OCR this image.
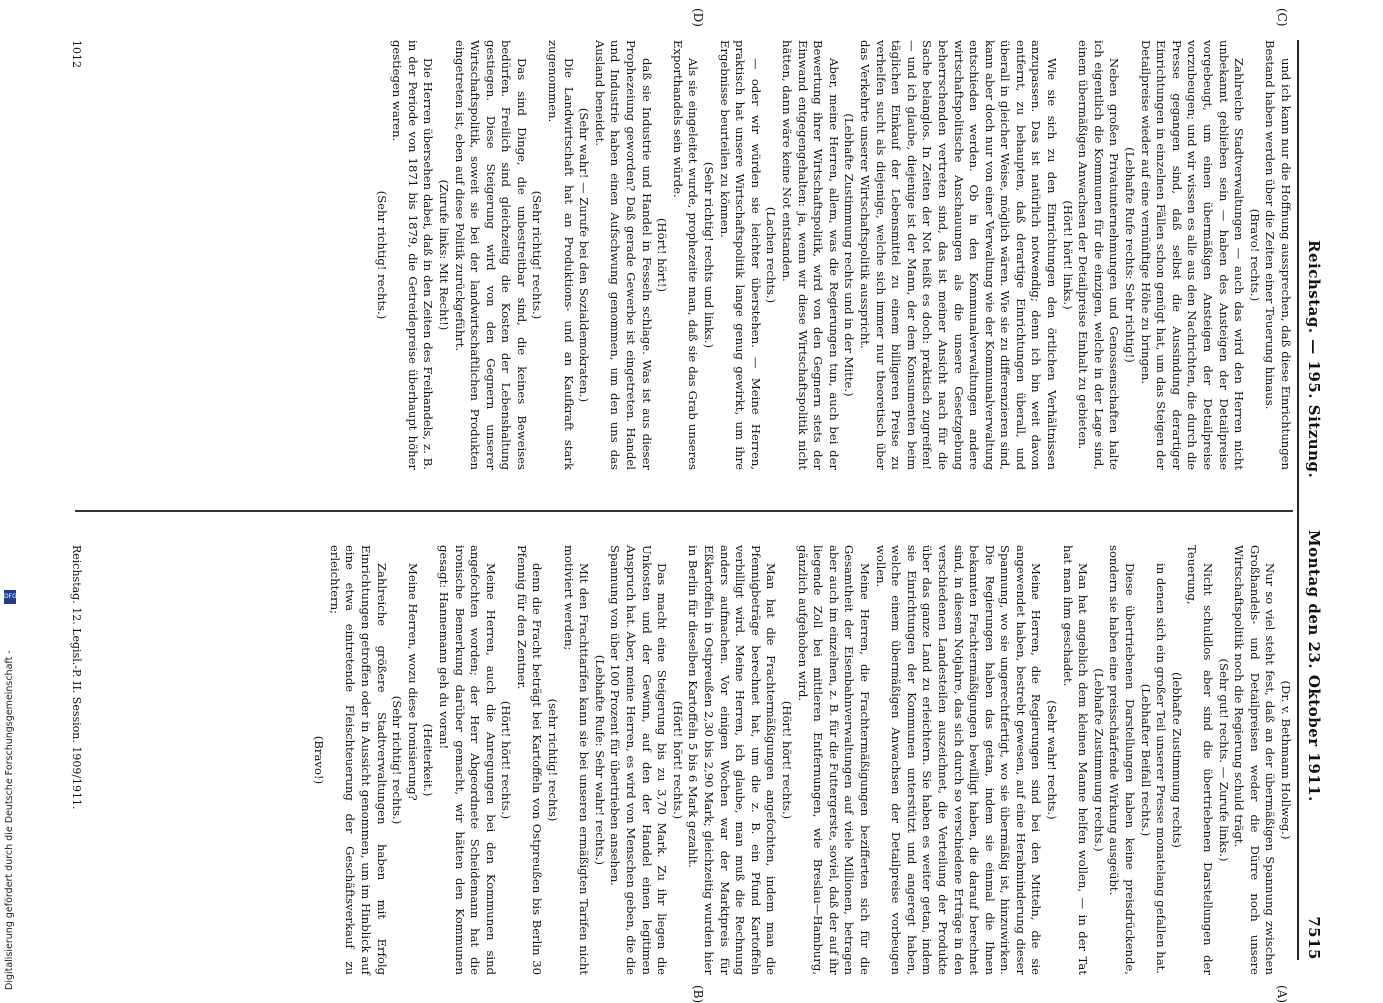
Reichstag. — 195. Sitzung.
Montag den 23. Oktober 1911.
7515

(Dr. v. Bethmann Hollweg.)

Nur so viel steht fest, daß an der übermäßigen Spannung zwischen Großhandels- und Detailpreisen weder die Dürre noch unsere Wirtschaftspolitik noch die Regierung schuld trägt.

(Sehr gut! rechts. — Zurufe links.)

Nicht schuldlos aber sind die übertriebenen Darstellungen der Teuerung,

(lebhafte Zustimmung rechts)

in denen sich ein großer Teil unserer Presse monatelang gefallen hat.

(Lebhafter Beifall rechts.)

Diese übertriebenen Darstellungen haben keine preisdrückende, sondern sie haben eine preisschärfende Wirkung ausgeübt.

(Lebhafte Zustimmung rechts.)

Man hat angeblich dem kleinen Manne helfen wollen, — in der Tat hat man ihm geschadet.

(Sehr wahr! rechts.)

Meine Herren, die Regierungen sind bei den Mitteln, die sie angewendet haben, bestrebt gewesen, auf eine Herabminderung dieser Spannung, wo sie ungerechtfertigt, wo sie übermäßig ist, hinzuwirken. Die Regierungen haben das getan, indem sie einmal die Ihnen bekannten Frachtermäßigungen bewilligt haben, die darauf berechnet sind, in diesem Notjahre, das sich durch so verschiedene Erträge in den verschiedenen Landesteilen auszeichnet, die Verteilung der Produkte über das ganze Land zu erleichtern. Sie haben es weiter getan, indem sie Einrichtungen der Kommunen unterstützt und angeregt haben, welche einem übermäßigen Anwachsen der Detailpreise vorbeugen wollen.

Meine Herren, die Frachtermäßigungen bezifferten sich für die Gesamtheit der Eisenbahnverwaltungen auf viele Millionen, betragen aber auch im einzelnen, z. B. für die Futtergerste, soviel, daß der auf ihr liegende Zoll bei mittleren Entfernungen, wie Breslau—Hamburg, gänzlich aufgehoben wird.

(Hört! hört! rechts.)

Man hat die Frachtermäßigungen angefochten, indem man die Pfennigbeträge berechnet hat, um die z. B. ein Pfund Kartoffeln verbilligt wird. Meine Herren, ich glaube, man muß die Rechnung anders aufmachen. Vor einigen Wochen war der Marktpreis für Eßkartoffeln in Ostpreußen 2,30 bis 2,90 Mark; gleichzeitig wurden hier in Berlin für dieselben Kartoffeln 5 bis 6 Mark gezahlt.

(Hört! hört! rechts.)

Das macht eine Steigerung bis zu 3,70 Mark. Zu ihr liegen die Unkosten und der Gewinn, auf den der Handel einen legitimen Anspruch hat. Aber, meine Herren, es wird von Menschen geben, die die Spannung von über 100 Prozent für übertrieben ansehen.

(Lebhafte Rufe: Sehr wahr! rechts.)

Mit den Frachttarifen kann sie bei unseren ermäßigten Tarifen nicht motiviert werden;

(sehr richtig! rechts)

denn die Fracht beträgt bei Kartoffeln von Ostpreußen bis Berlin 30 Pfennig für den Zentner.

(Hört! hört! rechts.)

Meine Herren, auch die Anregungen bei den Kommunen sind angefochten worden; der Herr Abgeordnete Scheidemann hat die ironische Bemerkung darüber gemacht, wir hätten den Kommunen gesagt: Hannemann geh du voran!

(Heiterkeit.)

Meine Herren, wozu diese Ironisierung?

(Sehr richtig! rechts.)

Zahlreiche größere Stadtverwaltungen haben mit Erfolg Einrichtungen getroffen oder in Aussicht genommen, um im Hinblick auf eine etwa eintretende Fleischteuerung der Geschäftsverkauf zu erleichtern;

(Bravo!)

und ich kann nur die Hoffnung aussprechen, daß diese Einrichtungen Bestand haben werden über die Zeiten einer Teuerung hinaus.

(Bravo! rechts.)

Zahlreiche Stadtverwaltungen — auch das wird den Herren nicht unbekannt geblieben sein — haben des Ansteigen der Detailpreise vorgebeugt, um einen übermäßigen Ansteigen der Detailpreise vorzubeugen; und wir wissen es alle aus den Nachrichten, die durch die Presse gegangen sind, daß selbst die Aussindung derartiger Einrichtungen in einzelnen Fällen schon genügt hat, um das Steigen der Detailpreise wieder auf eine vernünftige Höhe zu bringen.

(Lebhafte Rufe rechts: Sehr richtig!)

Neben großen Privatunternehmungen und Genossenschaften halte ich eigentlich die Kommunen für die einzigen, welche in der Lage sind, einem übermäßigen Anwachsen der Detailpreise Einhalt zu gebieten.

(Hört! hört! links.)

Wie sie sich zu den Einrichtungen den örtlichen Verhältnissen anzupassen. Das ist natürlich notwendig; denn ich bin weit davon entfernt, zu behaupten, daß derartige Einrichtungen überall, und überall in gleicher Weise, möglich wären. Wie sie zu differenzieren sind, kann aber doch nur von einer Verwaltung wie der Kommunalverwaltung entschieden werden. Ob in den Kommunalverwaltungen andere wirtschaftspolitische Anschauungen als die unsere Gesetzgebung beherrschenden vertreten sind, das ist meiner Ansicht nach für die Sache belanglos. In Zeiten der Not heißt es doch: praktisch zugreifen! — und ich glaube, diejenige ist der Mann, der dem Konsumenten beim täglichen Einkauf der Lebensmittel zu einem billigeren Preise zu verhelfen sucht als diejenige, welche sich immer nur theoretisch über das Verkehrte unserer Wirtschaftspolitik ausspricht.

(Lebhafte Zustimmung rechts und in der Mitte.)

Aber, meine Herren, allem, was die Regierungen tun, auch bei der Bewertung ihrer Wirtschaftspolitik, wird von den Gegnern stets der Einwand entgegengehalten: ja, wenn wir diese Wirtschaftspolitik nicht hätten, dann wäre keine Not entstanden.

(Lachen rechts.)

— oder wir würden sie leichter überstehen. — Meine Herren, praktisch hat unsere Wirtschaftspolitik lange genug gewirkt, um ihre Ergebnisse beurteilen zu können.

(Sehr richtig! rechts und links.)

Als sie eingeleitet wurde, prophezeite man, daß sie das Grab unseres Exporthandels sein würde.

(Hört! hört!)

daß sie Industrie und Handel in Fesseln schlage. Was ist aus dieser Prophezeiung geworden? Daß gerade Gewerbe ist eingetreten. Handel und Industrie haben einen Aufschwung genommen, um den uns das Ausland beneidet.

(Sehr wahr! — Zurufe bei den Sozialdemokraten.)

Die Landwirtschaft hat an Produktions- und an Kaufkraft stark zugenommen.

(Sehr richtig! rechts.)

Das sind Dinge, die unbestreitbar sind, die keines Beweises bedürfen. Freilich sind gleichzeitig die Kosten der Lebenshaltung gestiegen. Diese Steigerung wird von den Gegnern unserer Wirtschaftspolitik, soweit sie bei der landwirtschaftlichen Produkten eingetreten ist, eben auf diese Politik zurückgeführt.

(Zurufe links: Mit Recht!)

Die Herren übersehen dabei, daß in den Zeiten des Freihandels, z. B. in der Periode von 1871 bis 1879, die Getreidepreise überhaupt höher gestiegen waren.

(Sehr richtig! rechts.)

(A)
(B)
(C)
(D)
Reichstag. 12. Legisl.-P. II. Session. 1909/1911.
1012
DFG
Digitalisierung gefördert durch die Deutsche Forschungsgemeinschaft -
